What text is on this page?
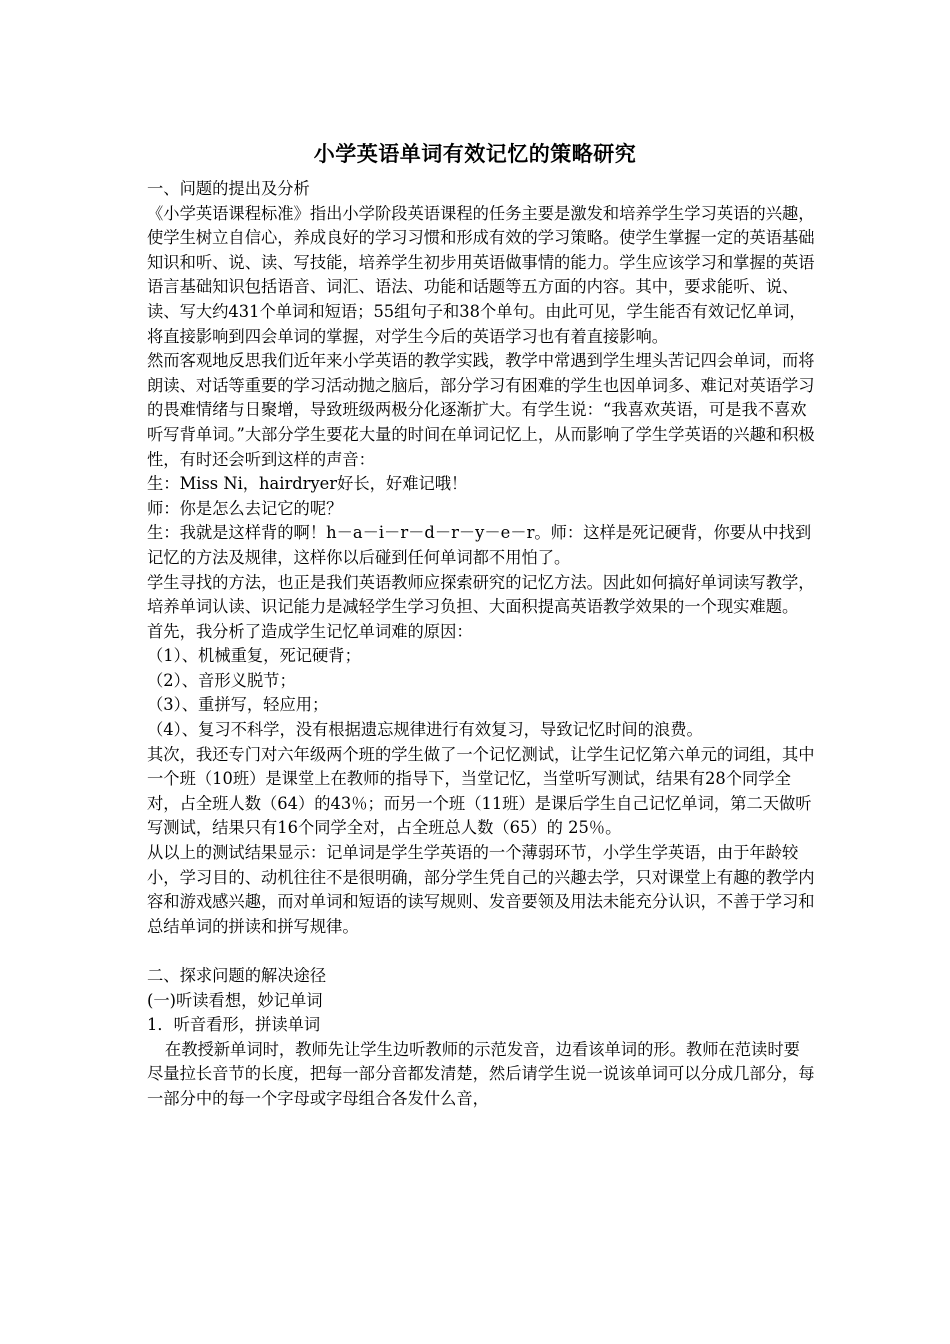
小学英语单词有效记忆的策略研究

一、问题的提出及分析

《小学英语课程标准》指出小学阶段英语课程的任务主要是激发和培养学生学习英语的兴趣，使学生树立自信心，养成良好的学习习惯和形成有效的学习策略。使学生掌握一定的英语基础知识和听、说、读、写技能，培养学生初步用英语做事情的能力。学生应该学习和掌握的英语语言基础知识包括语音、词汇、语法、功能和话题等五方面的内容。其中，要求能听、说、读、写大约431个单词和短语；55组句子和38个单句。由此可见，学生能否有效记忆单词，将直接影响到四会单词的掌握，对学生今后的英语学习也有着直接影响。

然而客观地反思我们近年来小学英语的教学实践，教学中常遇到学生埋头苦记四会单词，而将朗读、对话等重要的学习活动抛之脑后，部分学习有困难的学生也因单词多、难记对英语学习的畏难情绪与日聚增，导致班级两极分化逐渐扩大。有学生说：“我喜欢英语，可是我不喜欢听写背单词。”大部分学生要花大量的时间在单词记忆上，从而影响了学生学英语的兴趣和积极性，有时还会听到这样的声音：

生：Miss Ni，hairdryer好长，好难记哦！

师：你是怎么去记它的呢？

生：我就是这样背的啊！h－a－i－r－d－r－y－e－r。师：这样是死记硬背，你要从中找到记忆的方法及规律，这样你以后碰到任何单词都不用怕了。

学生寻找的方法，也正是我们英语教师应探索研究的记忆方法。因此如何搞好单词读写教学，培养单词认读、识记能力是减轻学生学习负担、大面积提高英语教学效果的一个现实难题。

首先，我分析了造成学生记忆单词难的原因：

（1）、机械重复，死记硬背；

（2）、音形义脱节；

（3）、重拼写，轻应用；

（4）、复习不科学，没有根据遗忘规律进行有效复习，导致记忆时间的浪费。

其次，我还专门对六年级两个班的学生做了一个记忆测试，让学生记忆第六单元的词组，其中一个班（10班）是课堂上在教师的指导下，当堂记忆，当堂听写测试，结果有28个同学全对，占全班人数（64）的43％；而另一个班（11班）是课后学生自己记忆单词，第二天做听写测试，结果只有16个同学全对，占全班总人数（65）的 25％。

从以上的测试结果显示：记单词是学生学英语的一个薄弱环节，小学生学英语，由于年龄较小，学习目的、动机往往不是很明确，部分学生凭自己的兴趣去学，只对课堂上有趣的教学内容和游戏感兴趣，而对单词和短语的读写规则、发音要领及用法未能充分认识，不善于学习和总结单词的拼读和拼写规律。

二、探求问题的解决途径

(一)听读看想，妙记单词

1．听音看形，拼读单词

在教授新单词时，教师先让学生边听教师的示范发音，边看该单词的形。教师在范读时要尽量拉长音节的长度，把每一部分音都发清楚，然后请学生说一说该单词可以分成几部分，每一部分中的每一个字母或字母组合各发什么音，
